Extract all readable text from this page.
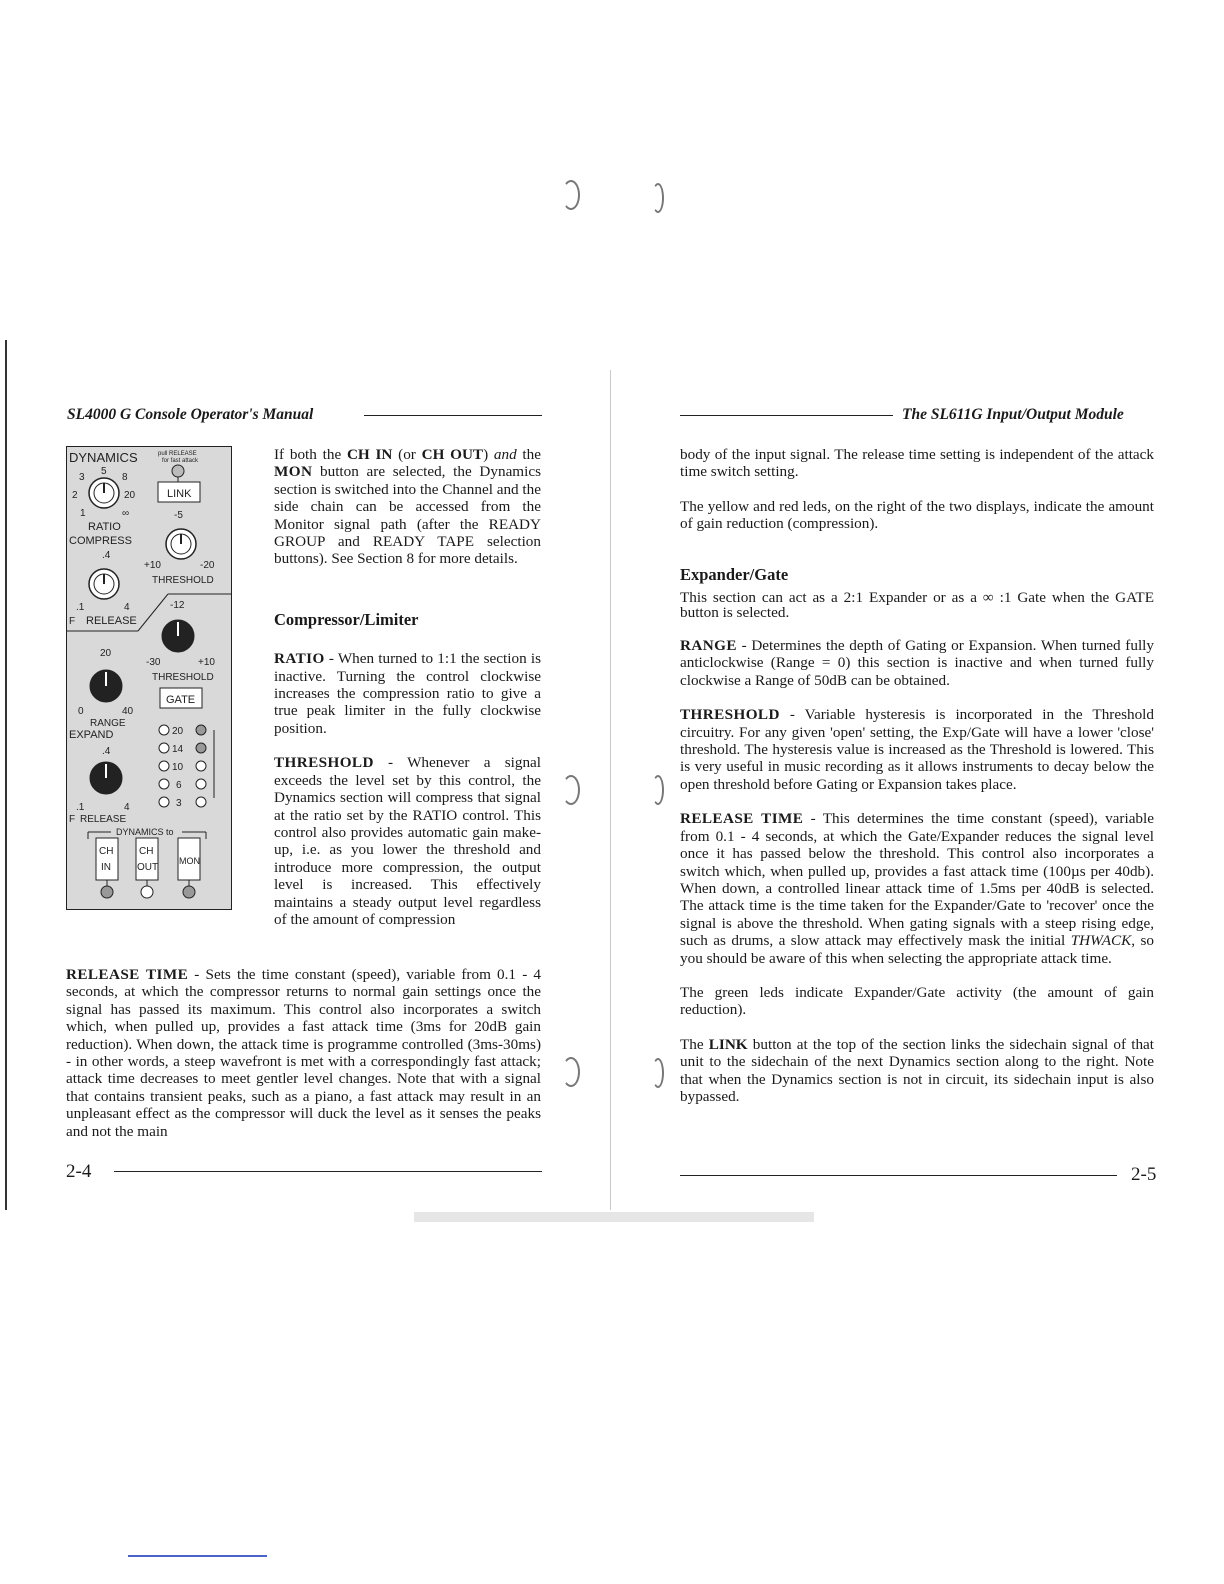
SL4000 G Console Operator's Manual
DYNAMICS	pull RELEASE
for fast attack
5
3	8
2	20
1	∞
RATIO
COMPRESS
LINK
-5
+10	-20
THRESHOLD
.4
.1	4
F RELEASE
-12
-30	+10
THRESHOLD
GATE
20
0	40
RANGE
EXPAND
.4
.1	4
F RELEASE
20
14
10
6
3
DYNAMICS to
CH
IN
CH
OUT
MON

If both the CH IN (or CH OUT) and the MON button are selected, the Dynamics section is switched into the Channel and the side chain can be accessed from the Monitor signal path (after the READY GROUP and READY TAPE selection buttons). See Section 8 for more details.

Compressor/Limiter

RATIO - When turned to 1:1 the section is inactive. Turning the control clockwise increases the compression ratio to give a true peak limiter in the fully clockwise position.

THRESHOLD - Whenever a signal exceeds the level set by this control, the Dynamics section will compress that signal at the ratio set by the RATIO control. This control also provides automatic gain make-up, i.e. as you lower the threshold and introduce more compression, the output level is increased. This effectively maintains a steady output level regardless of the amount of compression

RELEASE TIME - Sets the time constant (speed), variable from 0.1 - 4 seconds, at which the compressor returns to normal gain settings once the signal has passed its maximum. This control also incorporates a switch which, when pulled up, provides a fast attack time (3ms for 20dB gain reduction). When down, the attack time is programme controlled (3ms-30ms) - in other words, a steep wavefront is met with a correspondingly fast attack; attack time decreases to meet gentler level changes. Note that with a signal that contains transient peaks, such as a piano, a fast attack may result in an unpleasant effect as the compressor will duck the level as it senses the peaks and not the main

2-4
The SL611G Input/Output Module

body of the input signal. The release time setting is independent of the attack time switch setting.

The yellow and red leds, on the right of the two displays, indicate the amount of gain reduction (compression).

Expander/Gate

This section can act as a 2:1 Expander or as a ∞ :1 Gate when the GATE button is selected.

RANGE - Determines the depth of Gating or Expansion. When turned fully anticlockwise (Range = 0) this section is inactive and when turned fully clockwise a Range of 50dB can be obtained.

THRESHOLD - Variable hysteresis is incorporated in the Threshold circuitry. For any given 'open' setting, the Exp/Gate will have a lower 'close' threshold. The hysteresis value is increased as the Threshold is lowered. This is very useful in music recording as it allows instruments to decay below the open threshold before Gating or Expansion takes place.

RELEASE TIME - This determines the time constant (speed), variable from 0.1 - 4 seconds, at which the Gate/Expander reduces the signal level once it has passed below the threshold. This control also incorporates a switch which, when pulled up, provides a fast attack time (100µs per 40db). When down, a controlled linear attack time of 1.5ms per 40dB is selected. The attack time is the time taken for the Expander/Gate to 'recover' once the signal is above the threshold. When gating signals with a steep rising edge, such as drums, a slow attack may effectively mask the initial THWACK, so you should be aware of this when selecting the appropriate attack time.

The green leds indicate Expander/Gate activity (the amount of gain reduction).

The LINK button at the top of the section links the sidechain signal of that unit to the sidechain of the next Dynamics section along to the right. Note that when the Dynamics section is not in circuit, its sidechain input is also bypassed.

2-5
